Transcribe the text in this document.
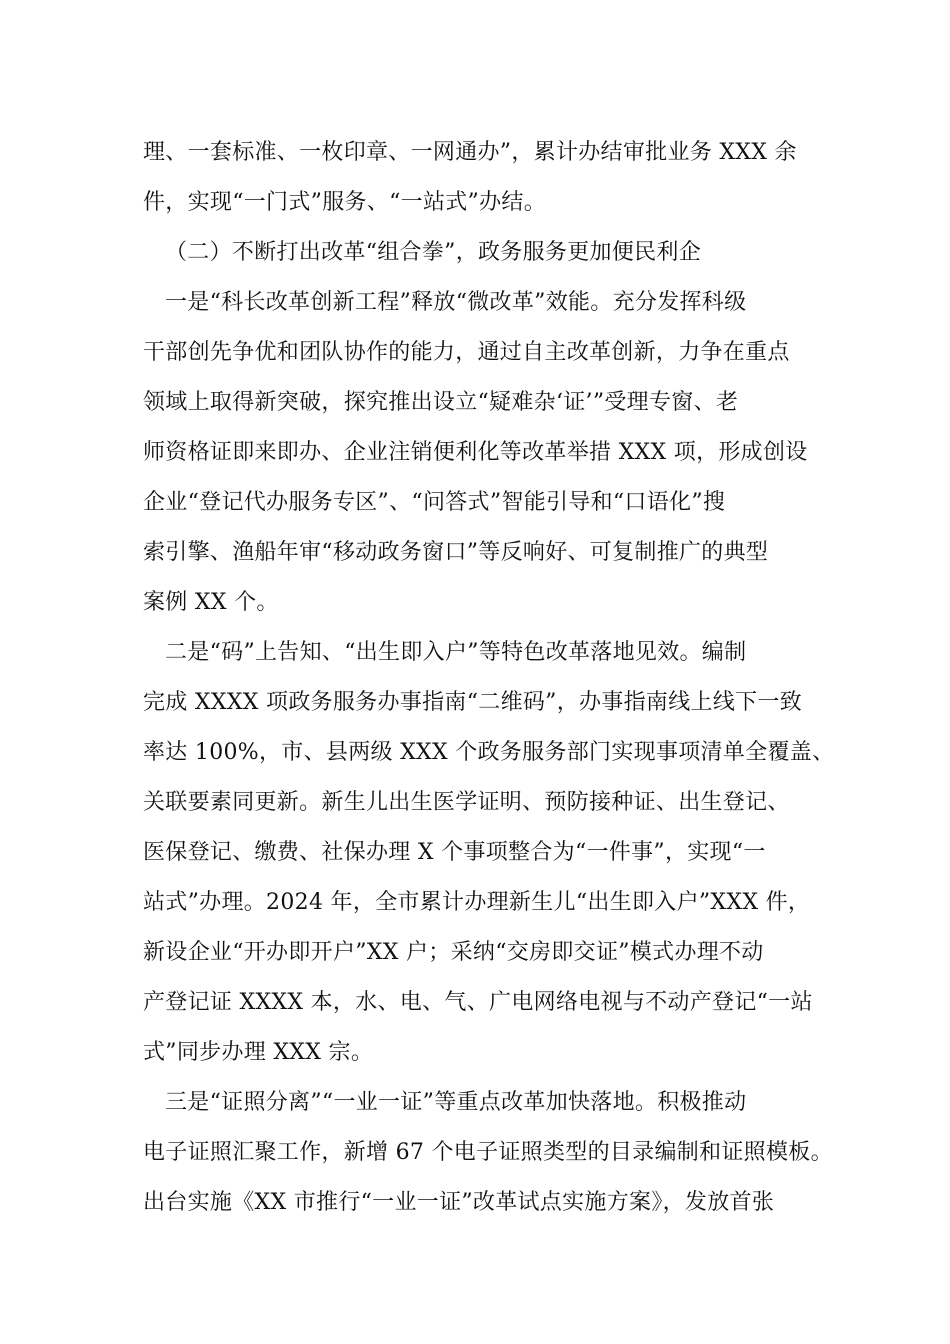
理、一套标准、一枚印章、一网通办”，累计办结审批业务 XXX 余
件，实现“一门式”服务、“一站式”办结。
（二）不断打出改革“组合拳”，政务服务更加便民利企
一是“科长改革创新工程”释放“微改革”效能。充分发挥科级
干部创先争优和团队协作的能力，通过自主改革创新，力争在重点
领域上取得新突破，探究推出设立“疑难杂‘证’”受理专窗、老
师资格证即来即办、企业注销便利化等改革举措 XXX 项，形成创设
企业“登记代办服务专区”、“问答式”智能引导和“口语化”搜
索引擎、渔船年审“移动政务窗口”等反响好、可复制推广的典型
案例 XX 个。
二是“码”上告知、“出生即入户”等特色改革落地见效。编制
完成 XXXX 项政务服务办事指南“二维码”，办事指南线上线下一致
率达 100%，市、县两级 XXX 个政务服务部门实现事项清单全覆盖、
关联要素同更新。新生儿出生医学证明、预防接种证、出生登记、
医保登记、缴费、社保办理 X 个事项整合为“一件事”，实现“一
站式”办理。2024 年，全市累计办理新生儿“出生即入户”XXX 件，
新设企业“开办即开户”XX 户；采纳“交房即交证”模式办理不动
产登记证 XXXX 本，水、电、气、广电网络电视与不动产登记“一站
式”同步办理 XXX 宗。
三是“证照分离”“一业一证”等重点改革加快落地。积极推动
电子证照汇聚工作，新增 67 个电子证照类型的目录编制和证照模板。
出台实施《XX 市推行“一业一证”改革试点实施方案》，发放首张
